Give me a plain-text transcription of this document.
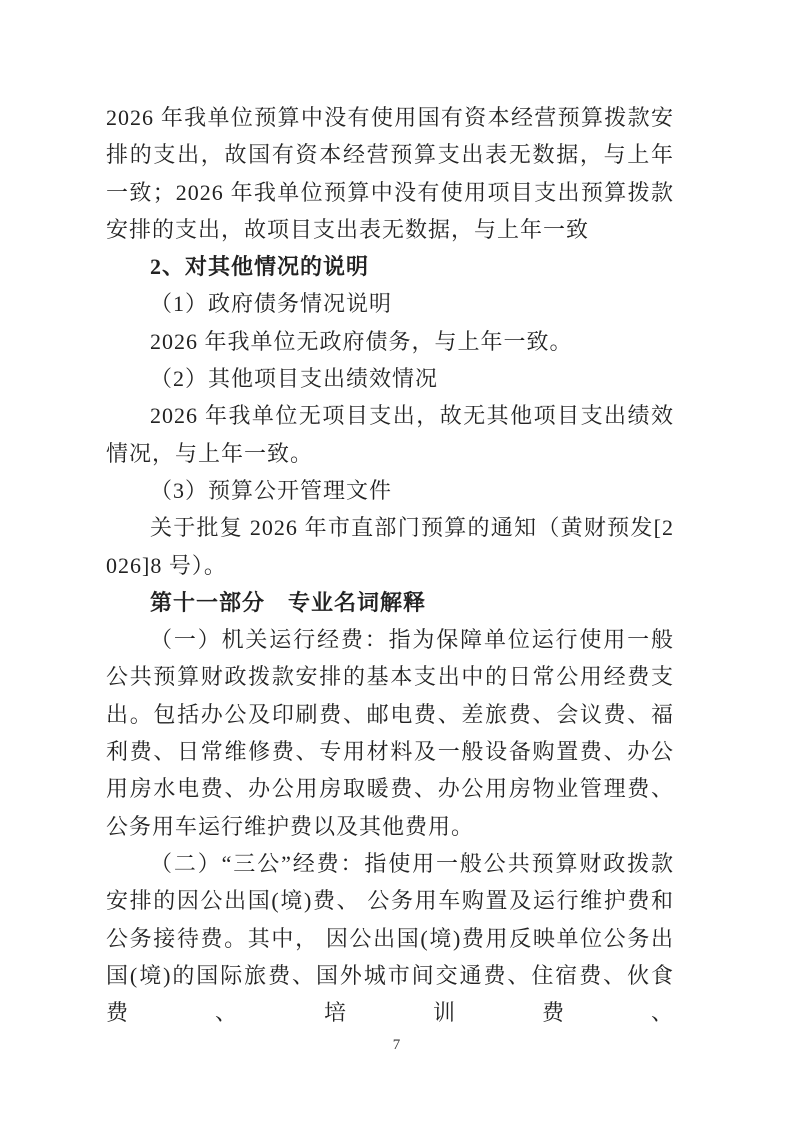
2026 年我单位预算中没有使用国有资本经营预算拨款安排的支出，故国有资本经营预算支出表无数据，与上年一致；2026 年我单位预算中没有使用项目支出预算拨款安排的支出，故项目支出表无数据，与上年一致

2、对其他情况的说明

（1）政府债务情况说明

2026 年我单位无政府债务，与上年一致。

（2）其他项目支出绩效情况

2026 年我单位无项目支出，故无其他项目支出绩效情况，与上年一致。

（3）预算公开管理文件

关于批复 2026 年市直部门预算的通知（黄财预发[2026]8 号）。

第十一部分　专业名词解释

（一）机关运行经费：指为保障单位运行使用一般公共预算财政拨款安排的基本支出中的日常公用经费支出。包括办公及印刷费、邮电费、差旅费、会议费、福利费、日常维修费、专用材料及一般设备购置费、办公用房水电费、办公用房取暖费、办公用房物业管理费、公务用车运行维护费以及其他费用。

（二）“三公”经费：指使用一般公共预算财政拨款安排的因公出国(境)费、 公务用车购置及运行维护费和公务接待费。其中， 因公出国(境)费用反映单位公务出国(境)的国际旅费、国外城市间交通费、住宿费、伙食费、培训费、

7
